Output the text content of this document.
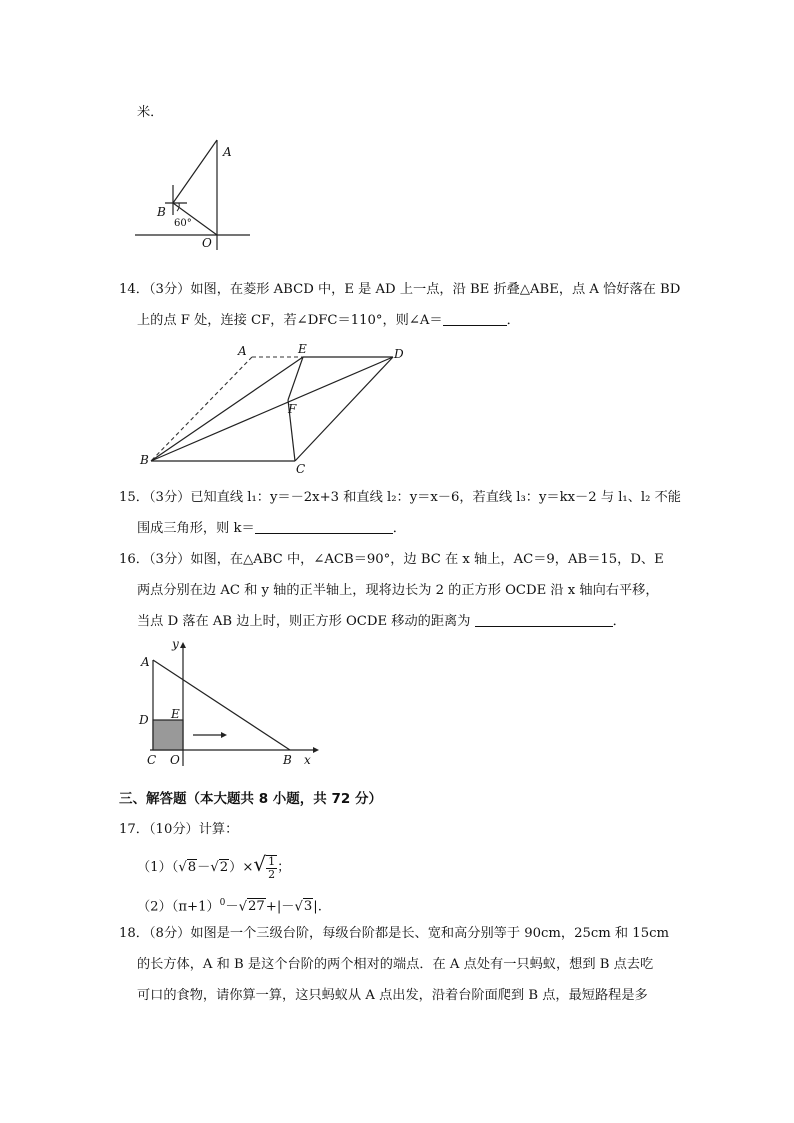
米．
A
B
O
60°
14．（3分）如图，在菱形 ABCD 中，E 是 AD 上一点，沿 BE 折叠△ABE，点 A 恰好落在 BD
上的点 F 处，连接 CF，若∠DFC＝110°，则∠A＝	．
A	E	D
F
B
C
15．（3分）已知直线 l₁：y＝－2x+3 和直线 l₂：y＝x－6，若直线 l₃：y＝kx－2 与 l₁、l₂ 不能
围成三角形，则 k＝	．
16．（3分）如图，在△ABC 中，∠ACB＝90°，边 BC 在 x 轴上，AC＝9，AB＝15，D、E
两点分别在边 AC 和 y 轴的正半轴上，现将边长为 2 的正方形 OCDE 沿 x 轴向右平移，
当点 D 落在 AB 边上时，则正方形 OCDE 移动的距离为	．
A
D E
C O	B x
y
三、解答题（本大题共 8 小题，共 72 分）
17．（10分）计算：
$(1)(√8-√2)\times√ \frac{1}{2}$ ；
$(2)(\pi+1)^0-√27+|-√3|$.
18．（8分）如图是一个三级台阶，每级台阶都是长、宽和高分别等于 90cm，25cm 和 15cm
的长方体，A 和 B 是这个台阶的两个相对的端点．在 A 点处有一只蚂蚁，想到 B 点去吃
可口的食物，请你算一算，这只蚂蚁从 A 点出发，沿着台阶面爬到 B 点，最短路程是多
